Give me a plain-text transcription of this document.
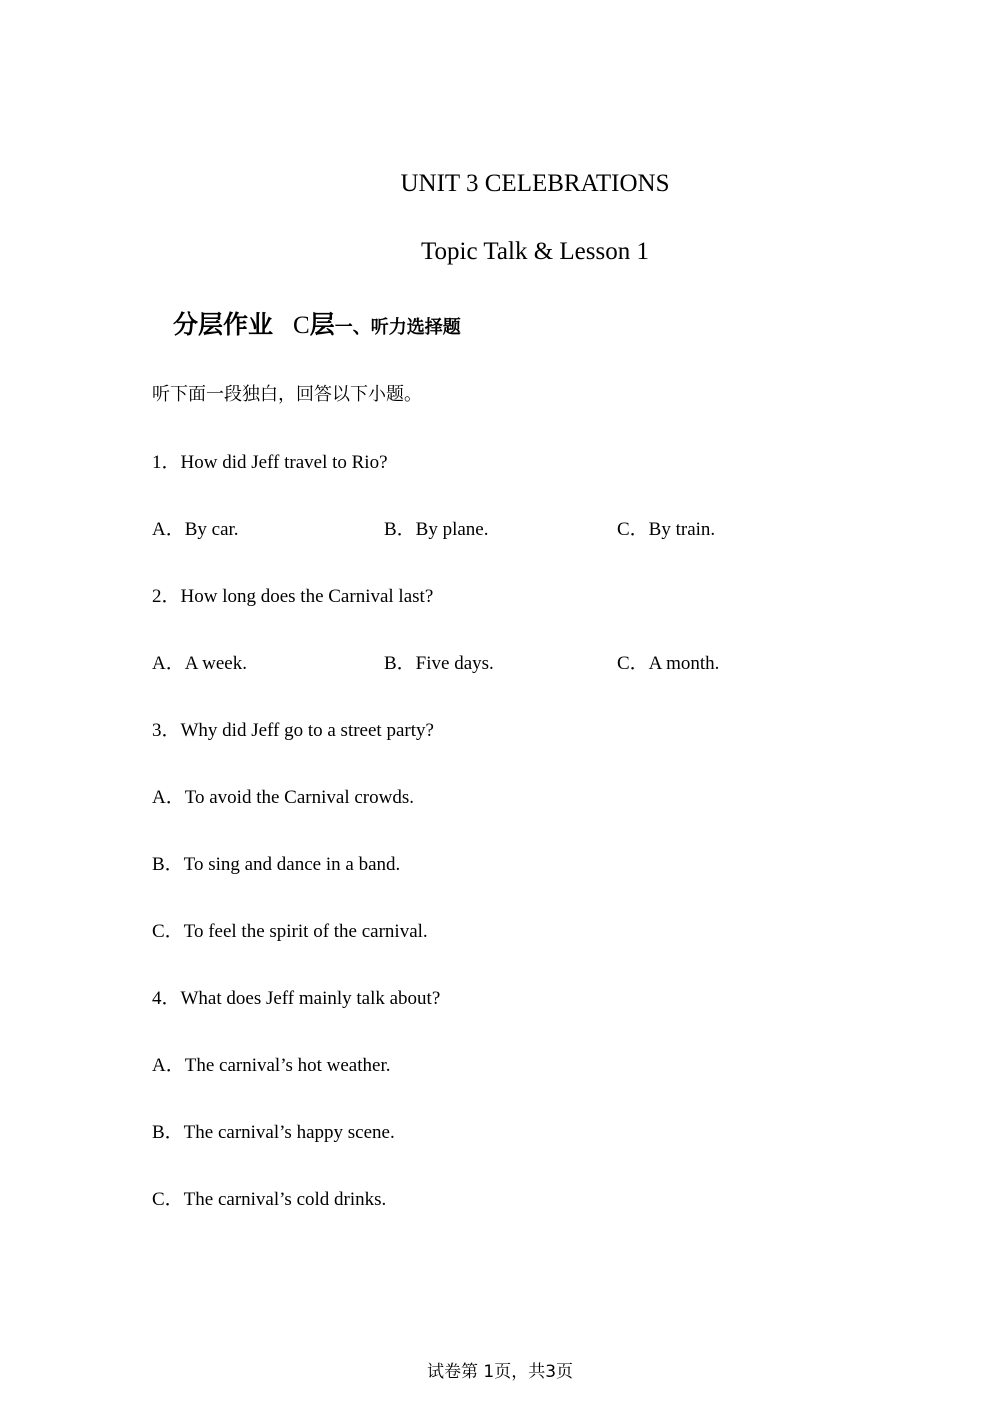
UNIT 3 CELEBRATIONS
Topic Talk & Lesson 1
分层作业 C层一、听力选择题
听下面一段独白，回答以下小题。
1．How did Jeff travel to Rio?
A．By car.	B．By plane.	C．By train.
2．How long does the Carnival last?
A．A week.	B．Five days.	C．A month.
3．Why did Jeff go to a street party?
A．To avoid the Carnival crowds.
B．To sing and dance in a band.
C．To feel the spirit of the carnival.
4．What does Jeff mainly talk about?
A．The carnival’s hot weather.
B．The carnival’s happy scene.
C．The carnival’s cold drinks.
试卷第 1页，共3页
